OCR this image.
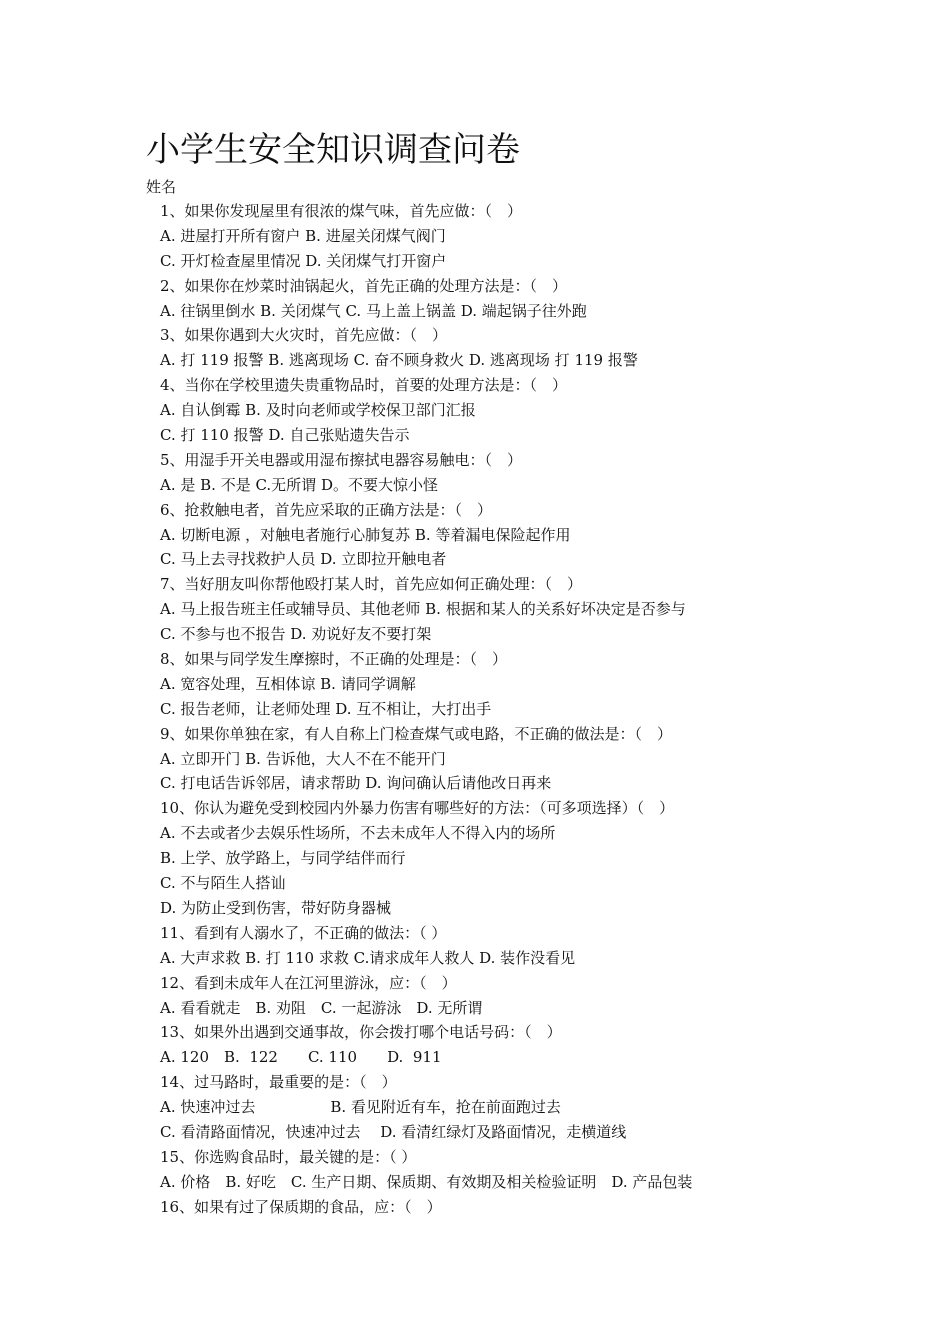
小学生安全知识调查问卷
姓名
1、如果你发现屋里有很浓的煤气味，首先应做：（　）
A. 进屋打开所有窗户 B. 进屋关闭煤气阀门
C. 开灯检查屋里情况 D. 关闭煤气打开窗户
2、如果你在炒菜时油锅起火，首先正确的处理方法是：（　）
A. 往锅里倒水 B. 关闭煤气 C. 马上盖上锅盖 D. 端起锅子往外跑
3、如果你遇到大火灾时，首先应做：（　）
A. 打 119 报警 B. 逃离现场 C. 奋不顾身救火 D. 逃离现场 打 119 报警
4、当你在学校里遗失贵重物品时，首要的处理方法是：（　）
A. 自认倒霉 B. 及时向老师或学校保卫部门汇报
C. 打 110 报警 D. 自己张贴遗失告示
5、用湿手开关电器或用湿布擦拭电器容易触电：（　）
A. 是 B. 不是 C.无所谓 D。不要大惊小怪
6、抢救触电者，首先应采取的正确方法是：（　）
A. 切断电源 ，对触电者施行心肺复苏 B. 等着漏电保险起作用
C. 马上去寻找救护人员 D. 立即拉开触电者
7、当好朋友叫你帮他殴打某人时，首先应如何正确处理：（　）
A. 马上报告班主任或辅导员、其他老师 B. 根据和某人的关系好坏决定是否参与
C. 不参与也不报告 D. 劝说好友不要打架
8、如果与同学发生摩擦时，不正确的处理是：（　）
A. 宽容处理，互相体谅 B. 请同学调解
C. 报告老师，让老师处理 D. 互不相让，大打出手
9、如果你单独在家，有人自称上门检查煤气或电路，不正确的做法是：（　）
A. 立即开门 B. 告诉他，大人不在不能开门
C. 打电话告诉邻居，请求帮助 D. 询问确认后请他改日再来
10、你认为避免受到校园内外暴力伤害有哪些好的方法：（可多项选择）（　）
A. 不去或者少去娱乐性场所，不去未成年人不得入内的场所
B. 上学、放学路上，与同学结伴而行
C. 不与陌生人搭讪
D. 为防止受到伤害，带好防身器械
11、看到有人溺水了，不正确的做法：（ ）
A. 大声求救 B. 打 110 求救 C.请求成年人救人 D. 装作没看见
12、看到未成年人在江河里游泳，应：（　）
A. 看看就走　B. 劝阻　C. 一起游泳　D. 无所谓
13、如果外出遇到交通事故，你会拨打哪个电话号码：（　）
A. 120　B.  122　　C. 110　　D.  911
14、过马路时，最重要的是：（　）
A. 快速冲过去　　　　　B. 看见附近有车，抢在前面跑过去
C. 看清路面情况，快速冲过去　 D. 看清红绿灯及路面情况，走横道线
15、你选购食品时，最关键的是：（ ）
A. 价格　B. 好吃　C. 生产日期、保质期、有效期及相关检验证明　D. 产品包装
16、如果有过了保质期的食品，应：（　）
